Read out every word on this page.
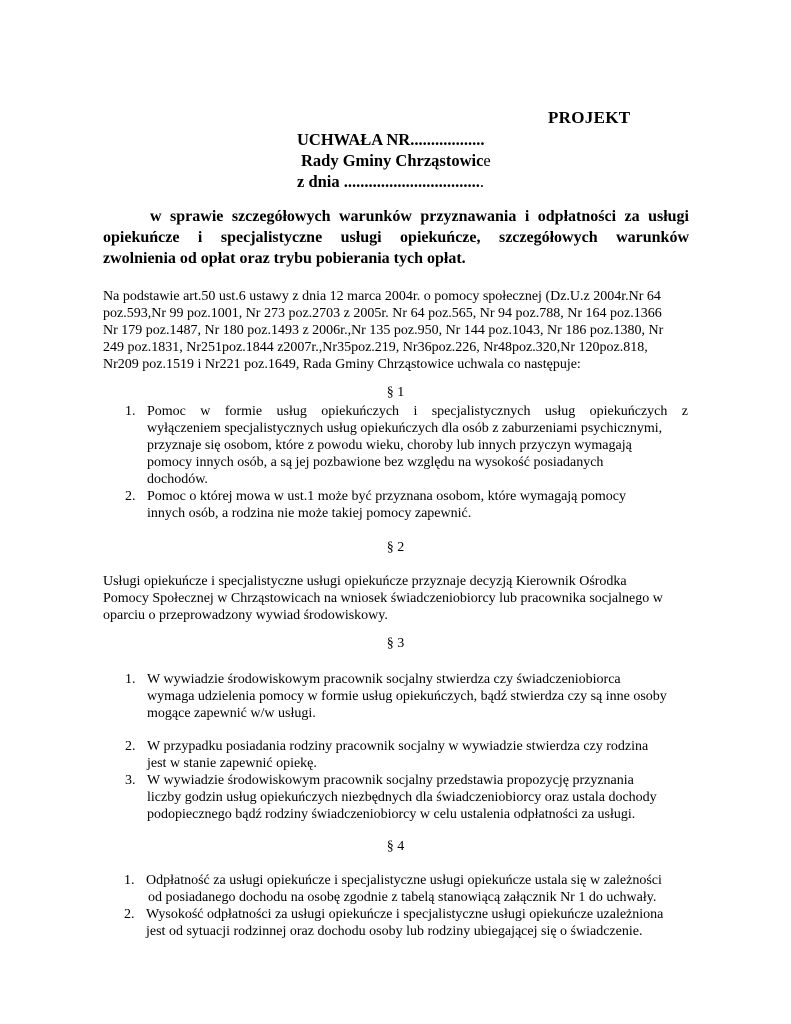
PROJEKT
UCHWAŁA NR..................
Rady Gminy Chrząstowice
z dnia ..................................
w sprawie szczegółowych warunków przyznawania i odpłatności za usługi
opiekuńcze i specjalistyczne usługi opiekuńcze, szczegółowych warunków
zwolnienia od opłat oraz trybu pobierania tych opłat.
Na podstawie art.50 ust.6 ustawy z dnia 12 marca 2004r. o pomocy społecznej (Dz.U.z 2004r.Nr 64
poz.593,Nr 99 poz.1001, Nr 273 poz.2703 z 2005r. Nr 64 poz.565, Nr 94 poz.788, Nr 164 poz.1366
Nr 179 poz.1487, Nr 180 poz.1493 z 2006r.,Nr 135 poz.950, Nr 144 poz.1043, Nr 186 poz.1380, Nr
249 poz.1831, Nr251poz.1844 z2007r.,Nr35poz.219, Nr36poz.226, Nr48poz.320,Nr 120poz.818,
Nr209 poz.1519 i Nr221 poz.1649, Rada Gminy Chrząstowice uchwala co następuje:
§ 1
1. Pomoc w formie usług opiekuńczych i specjalistycznych usług opiekuńczych z
wyłączeniem specjalistycznych usług opiekuńczych dla osób z zaburzeniami psychicznymi,
przyznaje się osobom, które z powodu wieku, choroby lub innych przyczyn wymagają
pomocy innych osób, a są jej pozbawione bez względu na wysokość posiadanych
dochodów.
2. Pomoc o której mowa w ust.1 może być przyznana osobom, które wymagają pomocy
innych osób, a rodzina nie może takiej pomocy zapewnić.
§ 2
Usługi opiekuńcze i specjalistyczne usługi opiekuńcze przyznaje decyzją Kierownik Ośrodka
Pomocy Społecznej w Chrząstowicach na wniosek świadczeniobiorcy lub pracownika socjalnego w
oparciu o przeprowadzony wywiad środowiskowy.
§ 3
1. W wywiadzie środowiskowym pracownik socjalny stwierdza czy świadczeniobiorca
wymaga udzielenia pomocy w formie usług opiekuńczych, bądź stwierdza czy są inne osoby
mogące zapewnić w/w usługi.
2. W przypadku posiadania rodziny pracownik socjalny w wywiadzie stwierdza czy rodzina
jest w stanie zapewnić opiekę.
3. W wywiadzie środowiskowym pracownik socjalny przedstawia propozycję przyznania
liczby godzin usług opiekuńczych niezbędnych dla świadczeniobiorcy oraz ustala dochody
podopiecznego bądź rodziny świadczeniobiorcy w celu ustalenia odpłatności za usługi.
§ 4
1. Odpłatność za usługi opiekuńcze i specjalistyczne usługi opiekuńcze ustala się w zależności
od posiadanego dochodu na osobę zgodnie z tabelą stanowiącą załącznik Nr 1 do uchwały.
2. Wysokość odpłatności za usługi opiekuńcze i specjalistyczne usługi opiekuńcze uzależniona
jest od sytuacji rodzinnej oraz dochodu osoby lub rodziny ubiegającej się o świadczenie.
